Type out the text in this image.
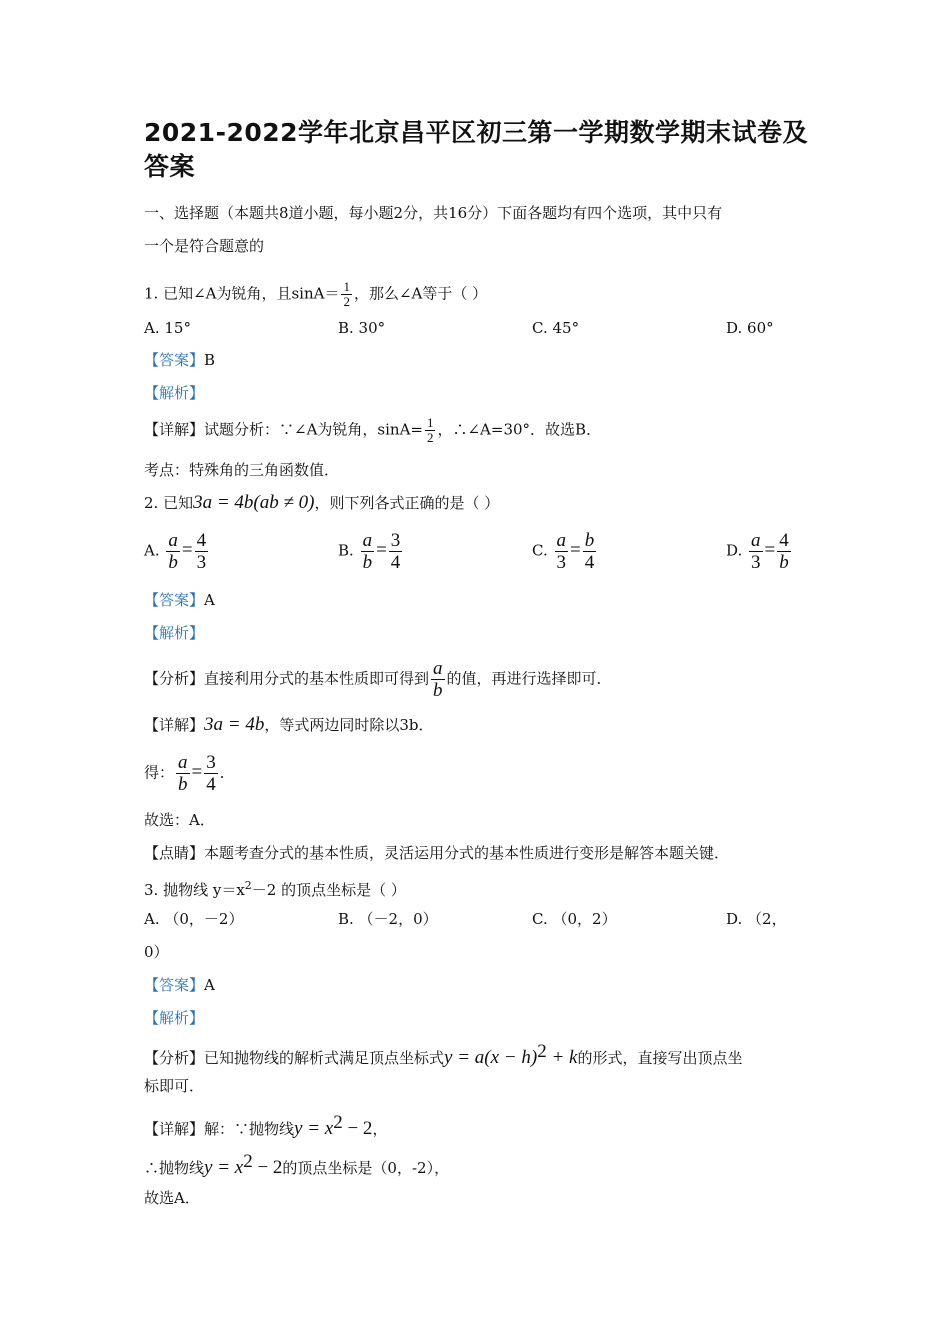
2021-2022学年北京昌平区初三第一学期数学期末试卷及答案
一、选择题（本题共8道小题，每小题2分，共16分）下面各题均有四个选项，其中只有
一个是符合题意的
1. 已知∠A为锐角，且$\sin A= \frac{1}{2}$ ，那么∠A等于（ ）
A. 15°	B. 30°	C. 45°	D. 60°
【答案】B
【解析】
【详解】试题分析：∵∠A为锐角，$\sin A= \frac{1}{2}$ ，∴∠A=30°．故选B．
考点：特殊角的三角函数值．
2. 已知3a = 4b(ab ≠ 0)，则下列各式正确的是（ ）
A. $\frac{a}{b} = \frac{4}{3}$	B. $\frac{a}{b} = \frac{3}{4}$	C. $\frac{a}{3} = \frac{b}{4}$	D. $\frac{a}{3} = \frac{4}{b}$
【答案】A
【解析】
【分析】直接利用分式的基本性质即可得到 $\frac{a}{b}$ 的值，再进行选择即可．
【详解】3a = 4b，等式两边同时除以3b．
得： $\frac{a}{b} = \frac{3}{4}$ ．
故选：A．
【点睛】本题考查分式的基本性质，灵活运用分式的基本性质进行变形是解答本题关键．
3. 抛物线 $y=x^2-2$ 的顶点坐标是（ ）
A. （0，－2）	B. （－2，0）	C. （0，2）	D. （2，
0）
【答案】A
【解析】
【分析】已知抛物线的解析式满足顶点坐标式$y = a(x - h)^2 + k$的形式，直接写出顶点坐
标即可．
【详解】解：∵抛物线$y = x^2 - 2$，
∴抛物线$y = x^2 - 2$的顶点坐标是（0，-2），
故选A．
